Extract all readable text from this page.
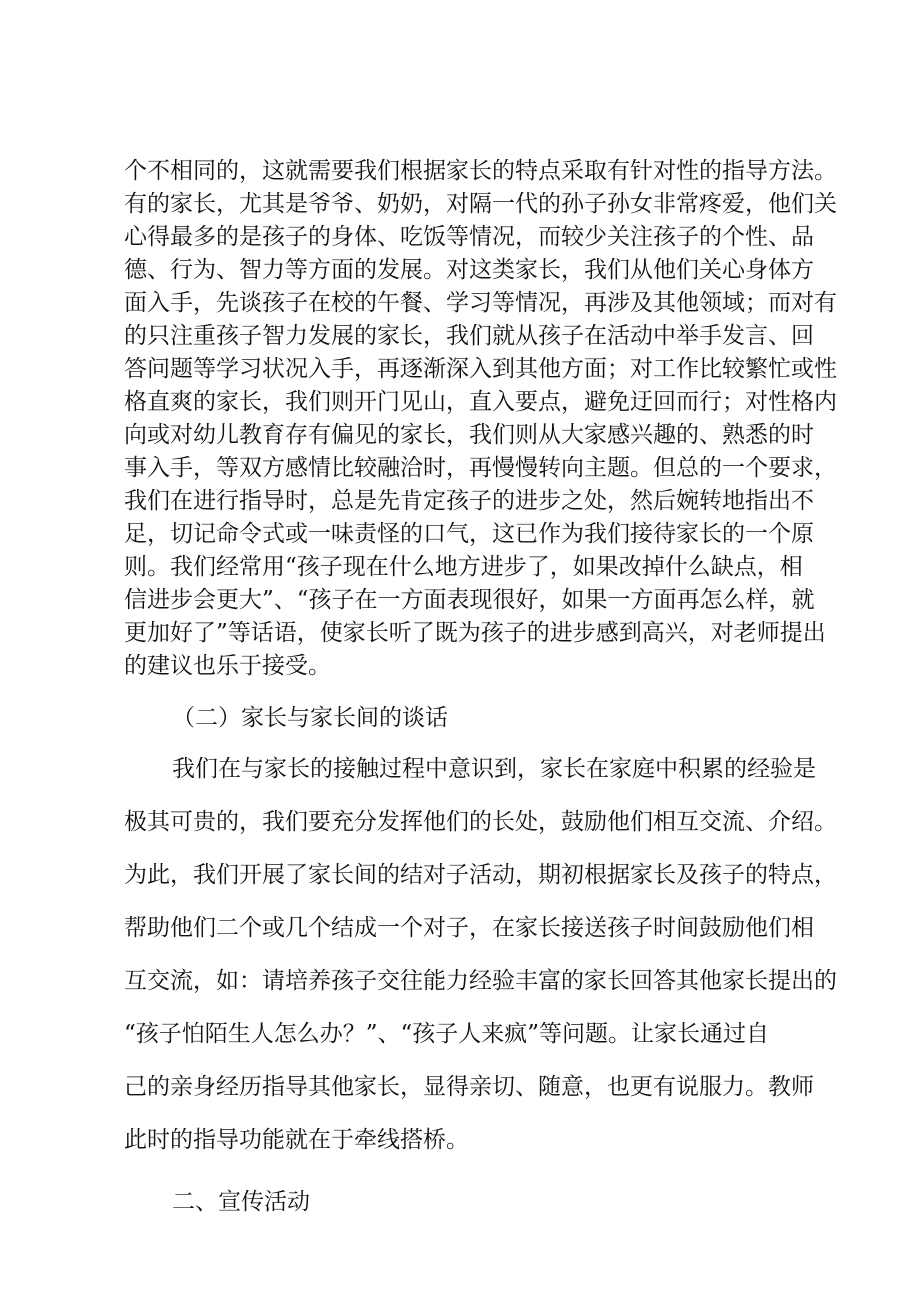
个不相同的，这就需要我们根据家长的特点采取有针对性的指导方法。
有的家长，尤其是爷爷、奶奶，对隔一代的孙子孙女非常疼爱，他们关
心得最多的是孩子的身体、吃饭等情况，而较少关注孩子的个性、品
德、行为、智力等方面的发展。对这类家长，我们从他们关心身体方
面入手，先谈孩子在校的午餐、学习等情况，再涉及其他领域；而对有
的只注重孩子智力发展的家长，我们就从孩子在活动中举手发言、回
答问题等学习状况入手，再逐渐深入到其他方面；对工作比较繁忙或性
格直爽的家长，我们则开门见山，直入要点，避免迂回而行；对性格内
向或对幼儿教育存有偏见的家长，我们则从大家感兴趣的、熟悉的时
事入手，等双方感情比较融洽时，再慢慢转向主题。但总的一个要求，
我们在进行指导时，总是先肯定孩子的进步之处，然后婉转地指出不
足，切记命令式或一味责怪的口气，这已作为我们接待家长的一个原
则。我们经常用“孩子现在什么地方进步了，如果改掉什么缺点，相
信进步会更大”、“孩子在一方面表现很好，如果一方面再怎么样，就
更加好了”等话语，使家长听了既为孩子的进步感到高兴，对老师提出
的建议也乐于接受。
（二）家长与家长间的谈话
我们在与家长的接触过程中意识到，家长在家庭中积累的经验是
极其可贵的，我们要充分发挥他们的长处，鼓励他们相互交流、介绍。
为此，我们开展了家长间的结对子活动，期初根据家长及孩子的特点，
帮助他们二个或几个结成一个对子，在家长接送孩子时间鼓励他们相
互交流，如：请培养孩子交往能力经验丰富的家长回答其他家长提出的
“孩子怕陌生人怎么办？”、“孩子人来疯”等问题。让家长通过自
己的亲身经历指导其他家长，显得亲切、随意，也更有说服力。教师
此时的指导功能就在于牵线搭桥。
二、宣传活动
